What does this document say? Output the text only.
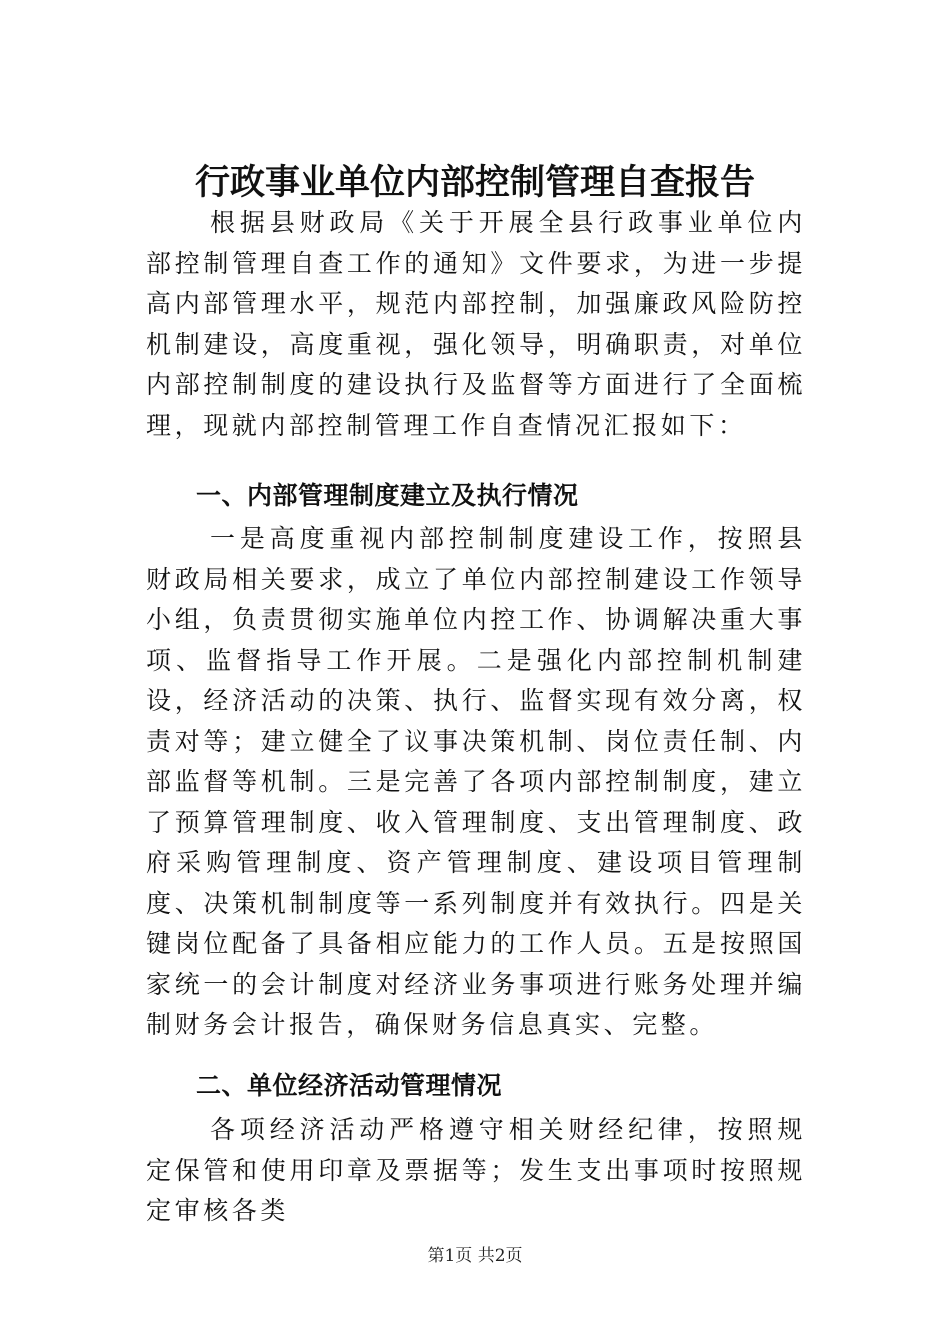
行政事业单位内部控制管理自查报告

根据县财政局《关于开展全县行政事业单位内部控制管理自查工作的通知》文件要求，为进一步提高内部管理水平，规范内部控制，加强廉政风险防控机制建设，高度重视，强化领导，明确职责，对单位内部控制制度的建设执行及监督等方面进行了全面梳理，现就内部控制管理工作自查情况汇报如下：

一、内部管理制度建立及执行情况

一是高度重视内部控制制度建设工作，按照县财政局相关要求，成立了单位内部控制建设工作领导小组，负责贯彻实施单位内控工作、协调解决重大事项、监督指导工作开展。二是强化内部控制机制建设，经济活动的决策、执行、监督实现有效分离，权责对等；建立健全了议事决策机制、岗位责任制、内部监督等机制。三是完善了各项内部控制制度，建立了预算管理制度、收入管理制度、支出管理制度、政府采购管理制度、资产管理制度、建设项目管理制度、决策机制制度等一系列制度并有效执行。四是关键岗位配备了具备相应能力的工作人员。五是按照国家统一的会计制度对经济业务事项进行账务处理并编制财务会计报告，确保财务信息真实、完整。

二、单位经济活动管理情况

各项经济活动严格遵守相关财经纪律，按照规定保管和使用印章及票据等；发生支出事项时按照规定审核各类

第1页 共2页
